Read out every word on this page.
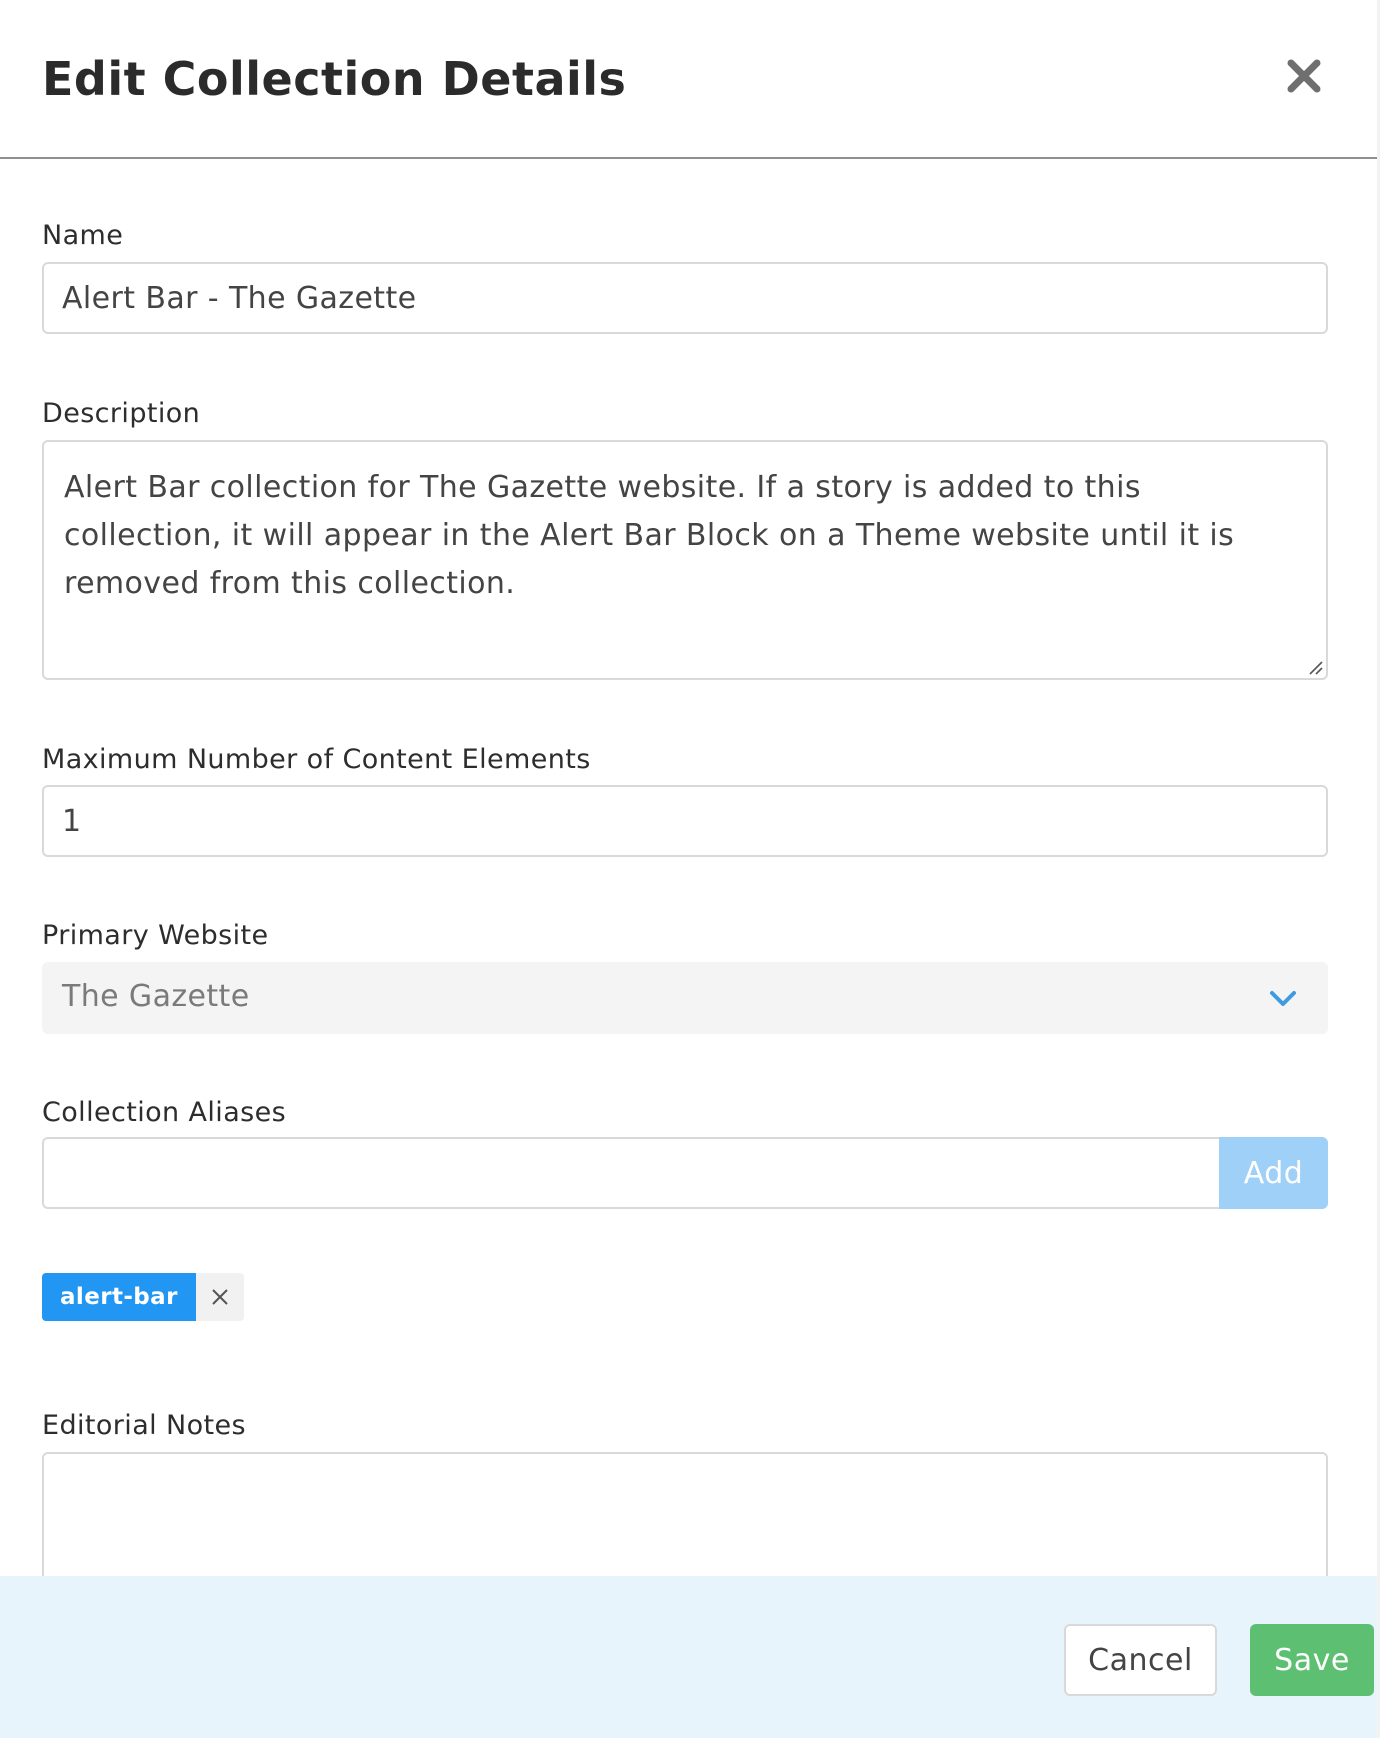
Edit Collection Details
Name
Alert Bar - The Gazette
Description
Alert Bar collection for The Gazette website. If a story is added to this collection, it will appear in the Alert Bar Block on a Theme website until it is removed from this collection.
Maximum Number of Content Elements
1
Primary Website
The Gazette
Collection Aliases
Add
alert-bar
Editorial Notes
Cancel	Save
